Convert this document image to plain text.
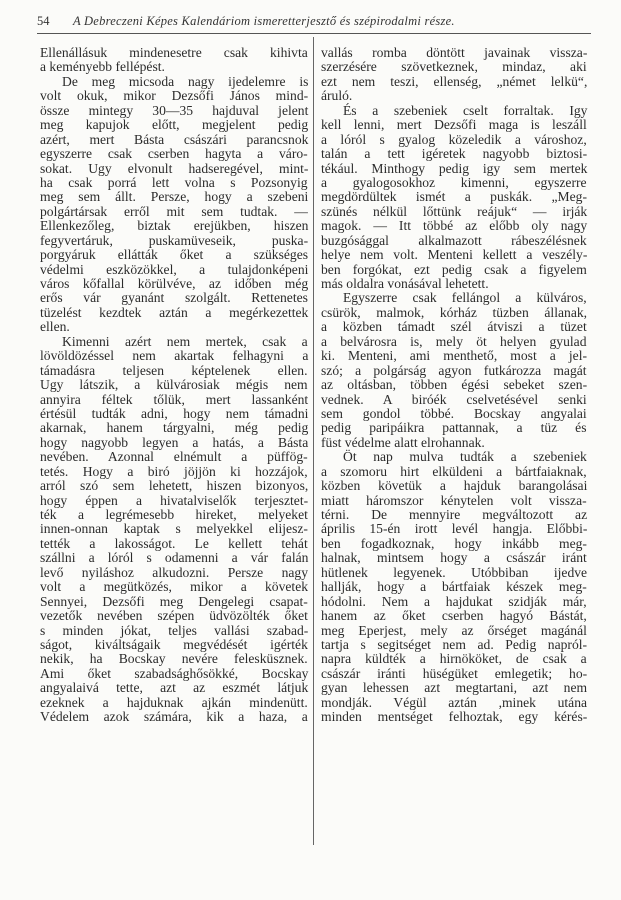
54 A Debreczeni Képes Kalendáriom ismeretterjesztő és szépirodalmi része.
Ellenállásuk mindenesetre csak kihivta
a keményebb fellépést.
De meg micsoda nagy ijedelemre is
volt okuk, mikor Dezsőfi János mind-
össze mintegy 30—35 hajduval jelent
meg kapujok előtt, megjelent pedig
azért, mert Básta császári parancsnok
egyszerre csak cserben hagyta a váro-
sokat. Ugy elvonult hadseregével, mint-
ha csak porrá lett volna s Pozsonyig
meg sem állt. Persze, hogy a szebeni
polgártársak erről mit sem tudtak. —
Ellenkezőleg, biztak erejükben, hiszen
fegyvertáruk, puskamüveseik, puska-
porgyáruk ellátták őket a szükséges
védelmi eszközökkel, a tulajdonképeni
város kőfallal körülvéve, az időben még
erős vár gyanánt szolgált. Rettenetes
tüzelést kezdtek aztán a megérkezettek
ellen.
Kimenni azért nem mertek, csak a
lövöldözéssel nem akartak felhagyni a
támadásra teljesen képtelenek ellen.
Ugy látszik, a külvárosiak mégis nem
annyira féltek tőlük, mert lassanként
értésül tudták adni, hogy nem támadni
akarnak, hanem tárgyalni, még pedig
hogy nagyobb legyen a hatás, a Básta
nevében. Azonnal elnémult a püffög-
tetés. Hogy a biró jöjjön ki hozzájok,
arról szó sem lehetett, hiszen bizonyos,
hogy éppen a hivatalviselők terjesztet-
ték a legrémesebb hireket, melyeket
innen-onnan kaptak s melyekkel elijesz-
tették a lakosságot. Le kellett tehát
szállni a lóról s odamenni a vár falán
levő nyiláshoz alkudozni. Persze nagy
volt a megütközés, mikor a követek
Sennyei, Dezsőfi meg Dengelegi csapat-
vezetők nevében szépen üdvözölték őket
s minden jókat, teljes vallási szabad-
ságot, kiváltságaik megvédését igérték
nekik, ha Bocskay nevére felesküsznek.
Ami őket szabadsághősökké, Bocskay
angyalaivá tette, azt az eszmét látjuk
ezeknek a hajduknak ajkán mindenütt.
Védelem azok számára, kik a haza, a
vallás romba döntött javainak vissza-
szerzésére szövetkeznek, mindaz, aki
ezt nem teszi, ellenség, „német lelkü“,
áruló.
És a szebeniek cselt forraltak. Igy
kell lenni, mert Dezsőfi maga is leszáll
a lóról s gyalog közeledik a városhoz,
talán a tett igéretek nagyobb biztosi-
tékául. Minthogy pedig igy sem mertek
a gyalogosokhoz kimenni, egyszerre
megdördültek ismét a puskák. „Meg-
szünés nélkül lőttünk reájuk“ — irják
magok. — Itt többé az előbb oly nagy
buzgósággal alkalmazott rábeszélésnek
helye nem volt. Menteni kellett a veszély-
ben forgókat, ezt pedig csak a figyelem
más oldalra vonásával lehetett.
Egyszerre csak fellángol a külváros,
csürök, malmok, kórház tüzben állanak,
a közben támadt szél átviszi a tüzet
a belvárosra is, mely öt helyen gyulad
ki. Menteni, ami menthető, most a jel-
szó; a polgárság agyon futkározza magát
az oltásban, többen égési sebeket szen-
vednek. A biróék cselvetésével senki
sem gondol többé. Bocskay angyalai
pedig paripáikra pattannak, a tüz és
füst védelme alatt elrohannak.
Öt nap mulva tudták a szebeniek
a szomoru hirt elküldeni a bártfaiaknak,
közben követük a hajduk barangolásai
miatt háromszor kénytelen volt vissza-
térni. De mennyire megváltozott az
április 15-én irott levél hangja. Előbbi-
ben fogadkoznak, hogy inkább meg-
halnak, mintsem hogy a császár iránt
hütlenek legyenek. Utóbbiban ijedve
hallják, hogy a bártfaiak készek meg-
hódolni. Nem a hajdukat szidják már,
hanem az őket cserben hagyó Bástát,
meg Eperjest, mely az őrséget magánál
tartja s segitséget nem ad. Pedig napról-
napra küldték a hirnököket, de csak a
császár iránti hüségüket emlegetik; ho-
gyan lehessen azt megtartani, azt nem
mondják. Végül aztán ,minek utána
minden mentséget felhoztak, egy kérés-
